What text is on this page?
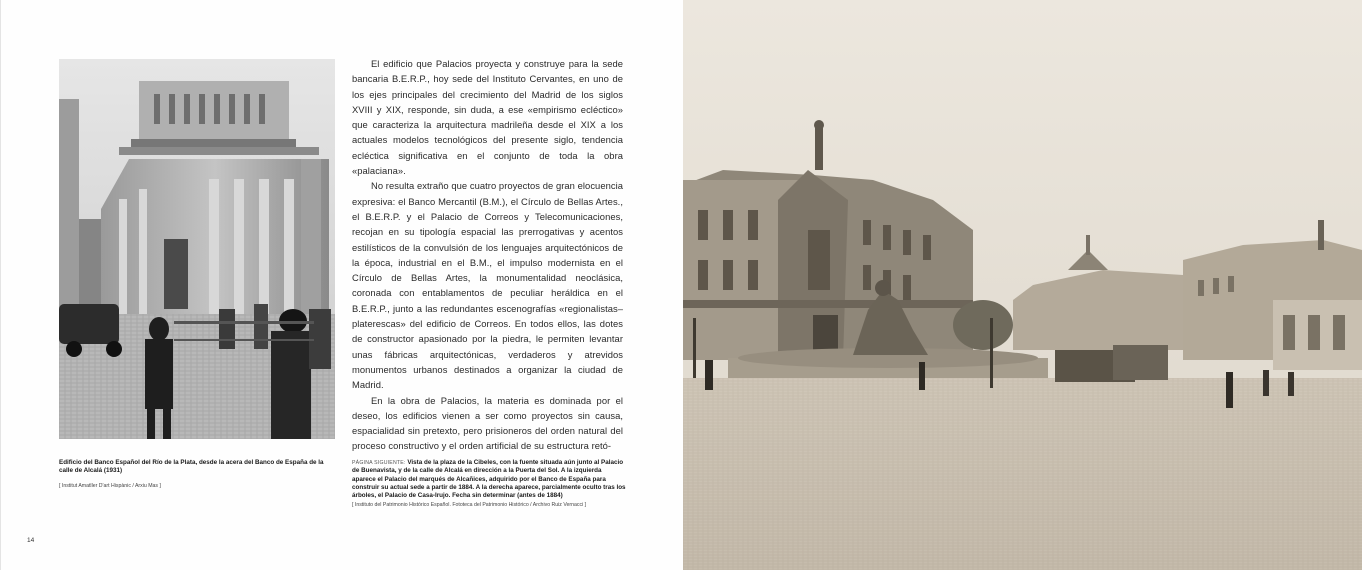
El edificio que Palacios proyecta y construye para la sede bancaria B.E.R.P., hoy sede del Instituto Cervantes, en uno de los ejes principales del crecimiento del Madrid de los siglos XVIII y XIX, responde, sin duda, a ese «empirismo ecléctico» que caracteriza la arquitectura madrileña desde el XIX a los actuales modelos tecnológicos del presente siglo, tendencia ecléctica significativa en el conjunto de toda la obra «palaciana».

No resulta extraño que cuatro proyectos de gran elocuencia expresiva: el Banco Mercantil (B.M.), el Círculo de Bellas Artes., el B.E.R.P. y el Palacio de Correos y Telecomunicaciones, recojan en su tipología espacial las prerrogativas y acentos estilísticos de la convulsión de los lenguajes arquitectónicos de la época, industrial en el B.M., el impulso modernista en el Círculo de Bellas Artes, la monumentalidad neoclásica, coronada con entablamentos de peculiar heráldica en el B.E.R.P., junto a las redundantes escenografías «regionalistas–platerescas» del edificio de Correos. En todos ellos, las dotes de constructor apasionado por la piedra, le permiten levantar unas fábricas arquitectónicas, verdaderos y atrevidos monumentos urbanos destinados a organizar la ciudad de Madrid.

En la obra de Palacios, la materia es dominada por el deseo, los edificios vienen a ser como proyectos sin causa, espacialidad sin pretexto, pero prisioneros del orden natural del proceso constructivo y el orden artificial de su estructura retó-

Edificio del Banco Español del Río de la Plata, desde la acera del Banco de España de la calle de Alcalá (1931)
[ Institut Amatller D'art Hispànic / Arxiu Mas ]
PÁGINA SIGUIENTE: Vista de la plaza de la Cibeles, con la fuente situada aún junto al Palacio de Buenavista, y de la calle de Alcalá en dirección a la Puerta del Sol. A la izquierda aparece el Palacio del marqués de Alcañices, adquirido por el Banco de España para construir su actual sede a partir de 1884. A la derecha aparece, parcialmente oculto tras los árboles, el Palacio de Casa-Irujo. Fecha sin determinar (antes de 1884)
[ Instituto del Patrimonio Histórico Español. Fototeca del Patrimonio Histórico / Archivo Ruiz Vernacci ]
14
